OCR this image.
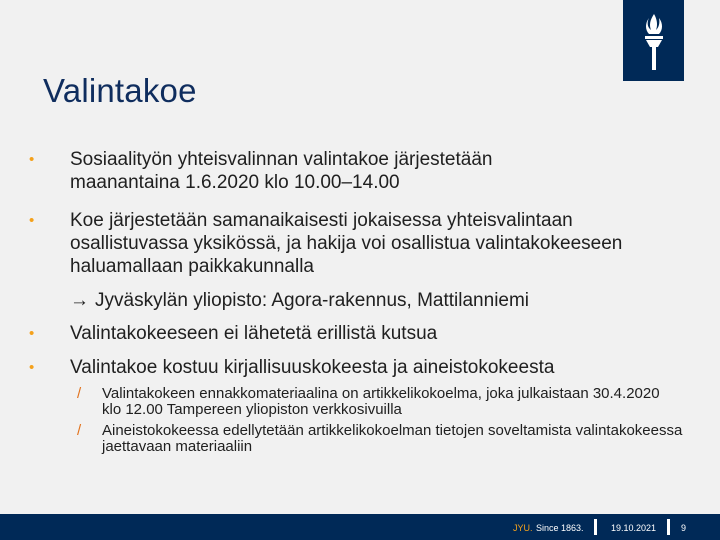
Valintakoe
•	Sosiaalityön yhteisvalinnan valintakoe järjestetään maanantaina 1.6.2020 klo 10.00–14.00
•	Koe järjestetään samanaikaisesti jokaisessa yhteisvalintaan osallistuvassa yksikössä, ja hakija voi osallistua valintakokeeseen haluamallaan paikkakunnalla
→ Jyväskylän yliopisto: Agora-rakennus, Mattilanniemi
•	Valintakokeeseen ei lähetetä erillistä kutsua
•	Valintakoe kostuu kirjallisuuskokeesta ja aineistokokeesta
/ Valintakokeen ennakkomateriaalina on artikkelikokoelma, joka julkaistaan 30.4.2020 klo 12.00 Tampereen yliopiston verkkosivuilla
/ Aineistokokeessa edellytetään artikkelikokoelman tietojen soveltamista valintakokeessa jaettavaan materiaaliin
JYU. Since 1863.	19.10.2021	9
